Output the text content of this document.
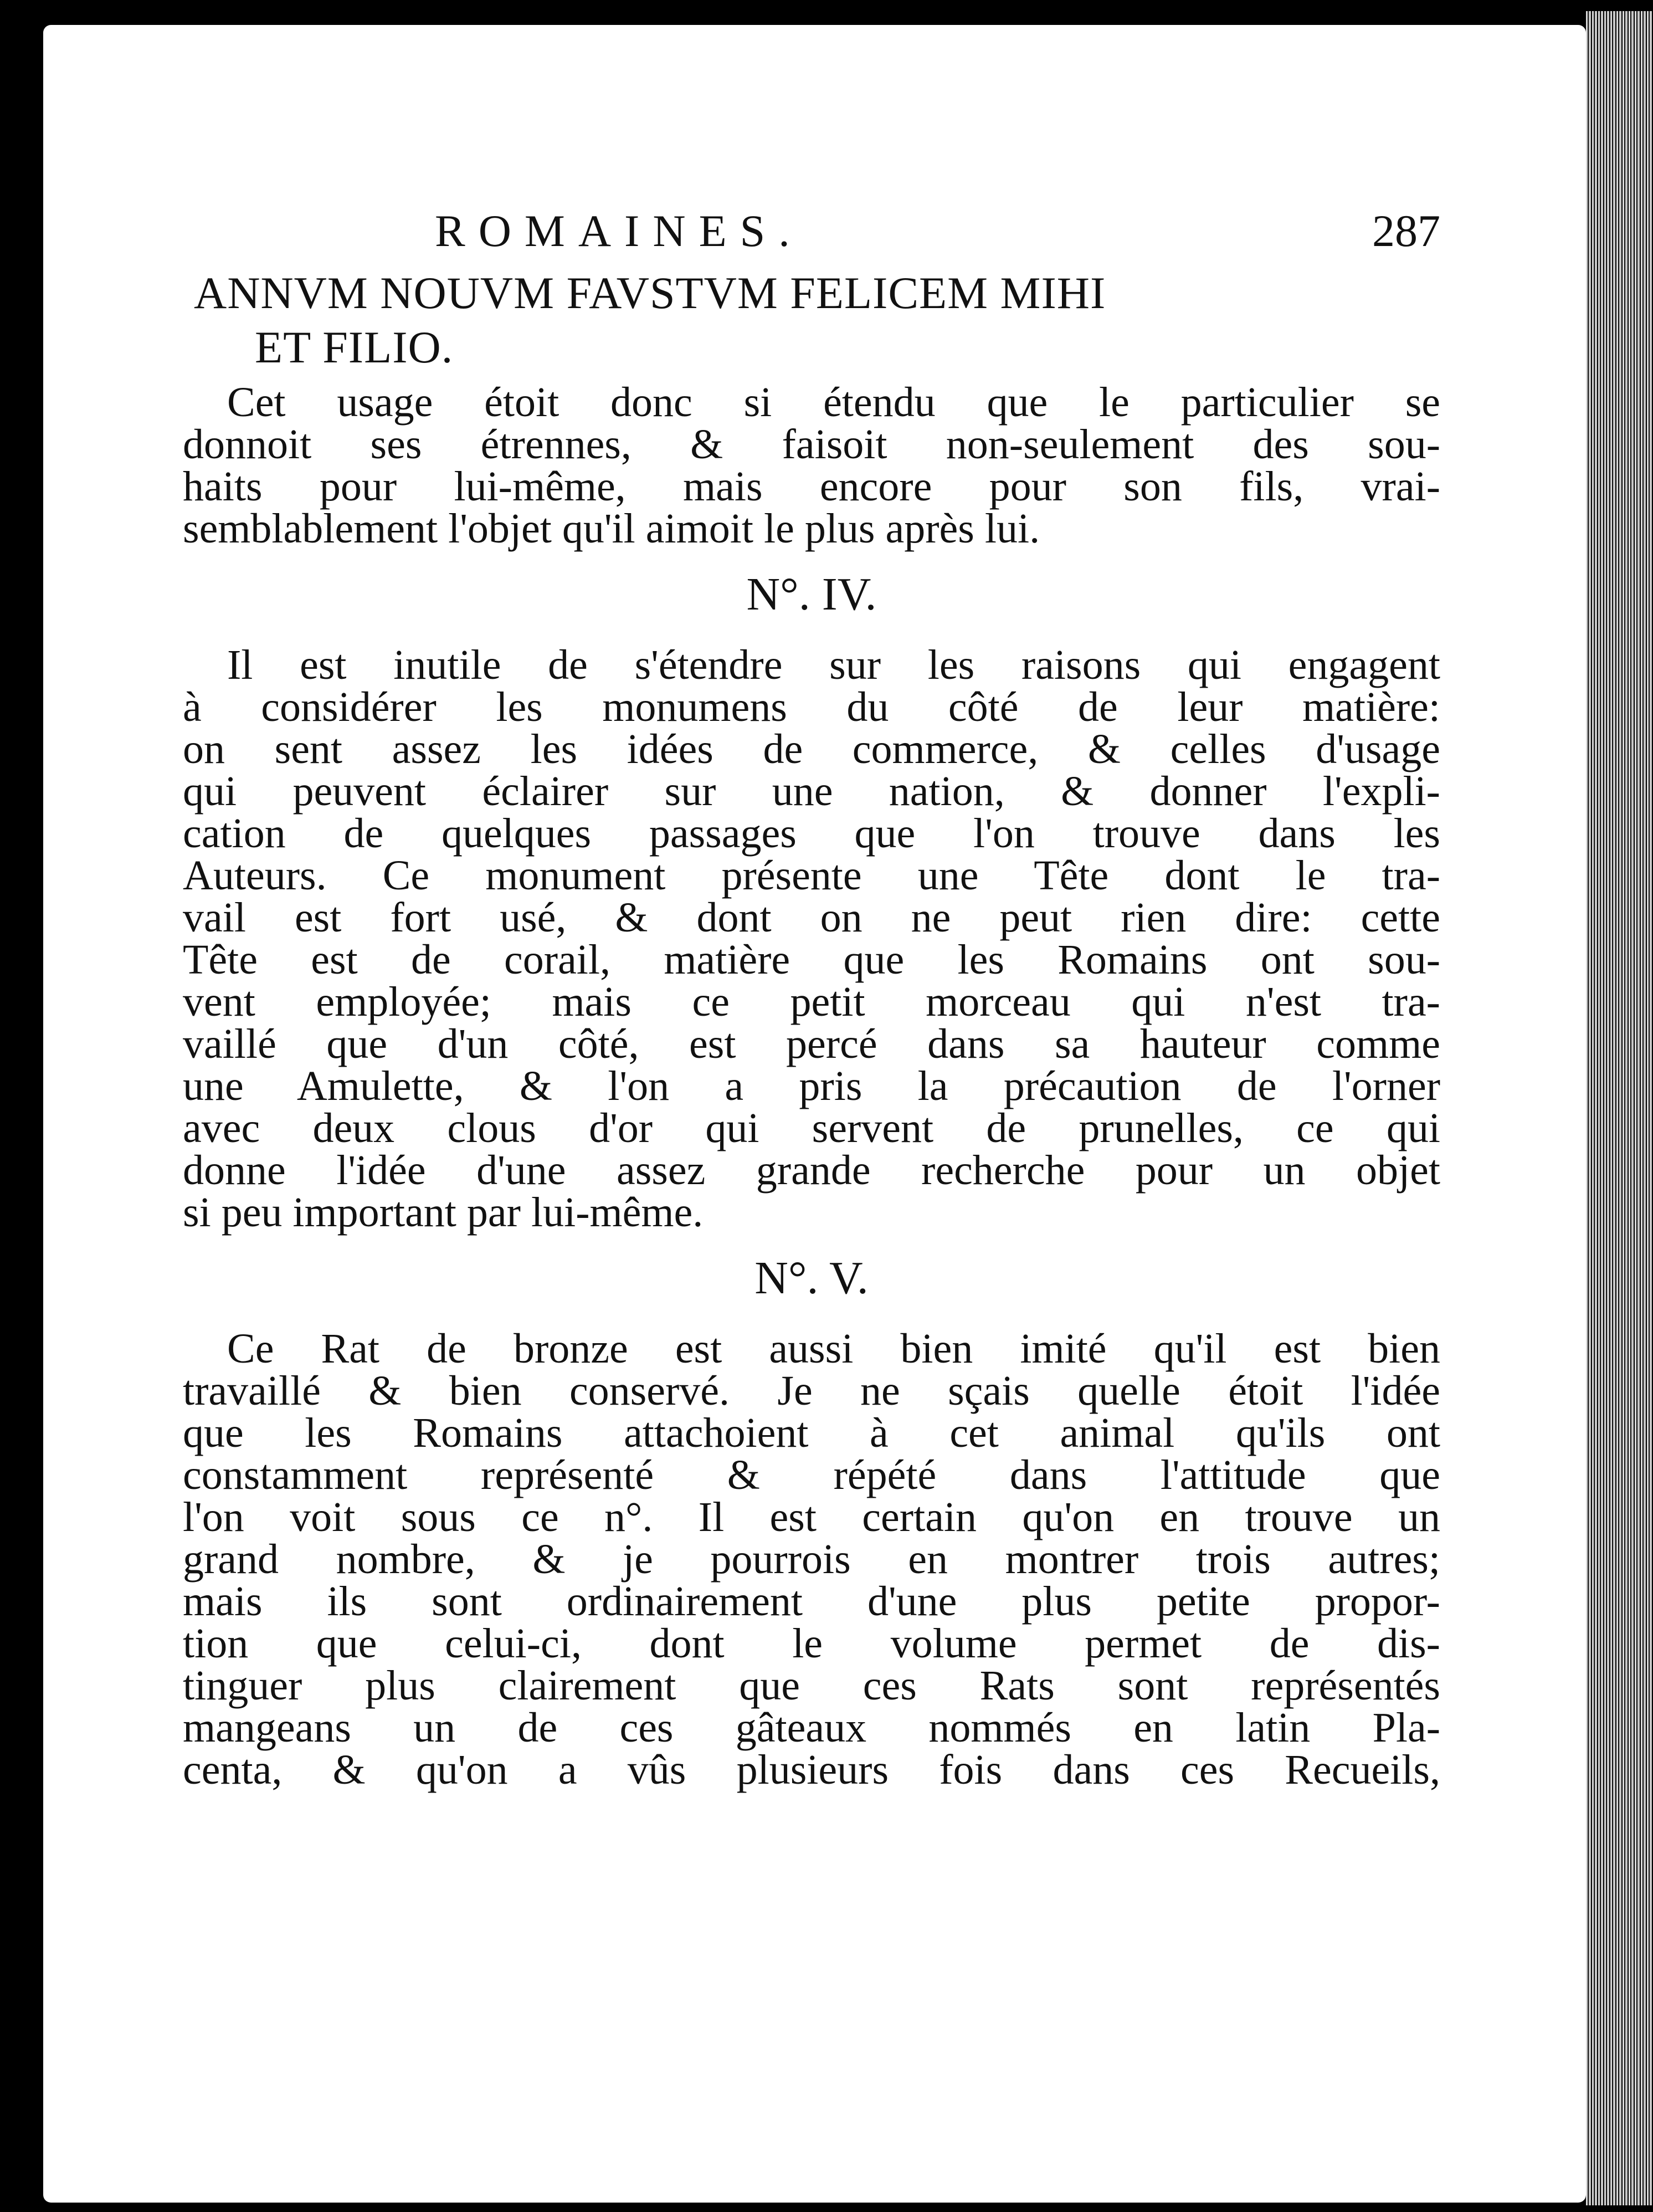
ROMAINES.	287
ANNVM NOUVM FAVSTVM FELICEM MIHI
ET FILIO.

Cet usage étoit donc si étendu que le particulier se
donnoit ses étrennes, & faisoit non-seulement des sou-
haits pour lui-même, mais encore pour son fils, vrai-
semblablement l'objet qu'il aimoit le plus après lui.

N°. IV.

Il est inutile de s'étendre sur les raisons qui engagent
à considérer les monumens du côté de leur matière:
on sent assez les idées de commerce, & celles d'usage
qui peuvent éclairer sur une nation, & donner l'expli-
cation de quelques passages que l'on trouve dans les
Auteurs. Ce monument présente une Tête dont le tra-
vail est fort usé, & dont on ne peut rien dire: cette
Tête est de corail, matière que les Romains ont sou-
vent employée; mais ce petit morceau qui n'est tra-
vaillé que d'un côté, est percé dans sa hauteur comme
une Amulette, & l'on a pris la précaution de l'orner
avec deux clous d'or qui servent de prunelles, ce qui
donne l'idée d'une assez grande recherche pour un objet
si peu important par lui-même.

N°. V.

Ce Rat de bronze est aussi bien imité qu'il est bien
travaillé & bien conservé. Je ne sçais quelle étoit l'idée
que les Romains attachoient à cet animal qu'ils ont
constamment représenté & répété dans l'attitude que
l'on voit sous ce n°. Il est certain qu'on en trouve un
grand nombre, & je pourrois en montrer trois autres;
mais ils sont ordinairement d'une plus petite propor-
tion que celui-ci, dont le volume permet de dis-
tinguer plus clairement que ces Rats sont représentés
mangeans un de ces gâteaux nommés en latin Pla-
centa, & qu'on a vûs plusieurs fois dans ces Recueils,
